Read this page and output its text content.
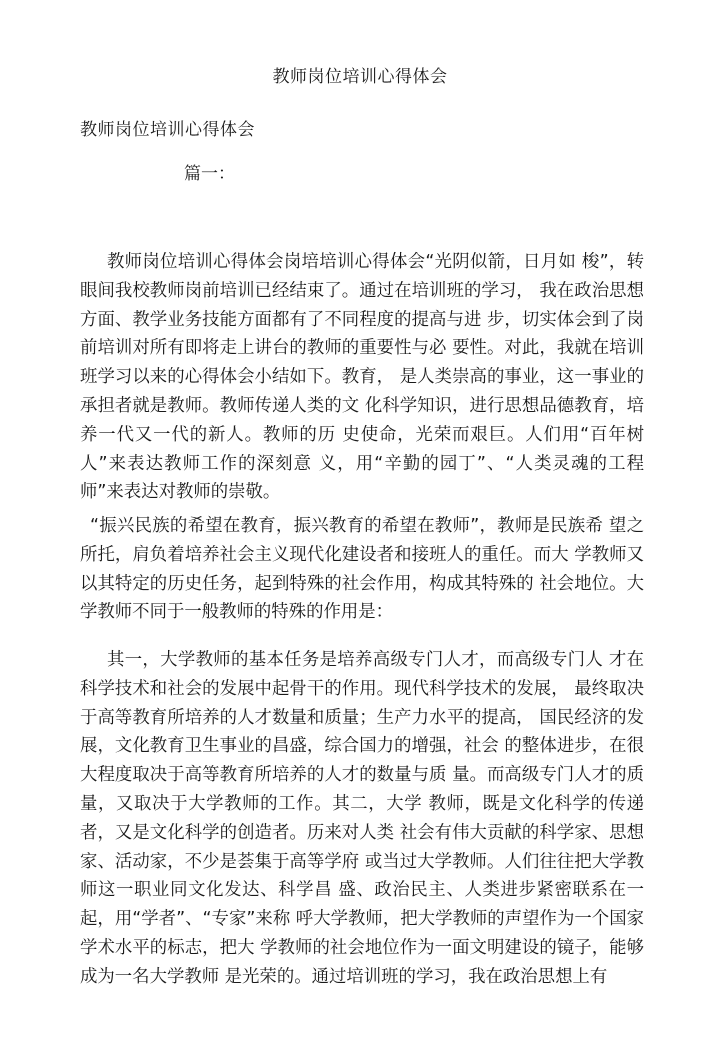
教师岗位培训心得体会
教师岗位培训心得体会
篇一：

教师岗位培训心得体会岗培培训心得体会“光阴似箭，日月如 梭”，转眼间我校教师岗前培训已经结束了。通过在培训班的学习， 我在政治思想方面、教学业务技能方面都有了不同程度的提高与进 步，切实体会到了岗前培训对所有即将走上讲台的教师的重要性与必 要性。对此，我就在培训班学习以来的心得体会小结如下。教育， 是人类崇高的事业，这一事业的承担者就是教师。教师传递人类的文 化科学知识，进行思想品德教育，培养一代又一代的新人。教师的历 史使命，光荣而艰巨。人们用“百年树人”来表达教师工作的深刻意 义，用“辛勤的园丁”、“人类灵魂的工程师”来表达对教师的崇敬。

“振兴民族的希望在教育，振兴教育的希望在教师”，教师是民族希 望之所托，肩负着培养社会主义现代化建设者和接班人的重任。而大 学教师又以其特定的历史任务，起到特殊的社会作用，构成其特殊的 社会地位。大学教师不同于一般教师的特殊的作用是：

其一，大学教师的基本任务是培养高级专门人才，而高级专门人 才在科学技术和社会的发展中起骨干的作用。现代科学技术的发展， 最终取决于高等教育所培养的人才数量和质量；生产力水平的提高， 国民经济的发展，文化教育卫生事业的昌盛，综合国力的增强，社会 的整体进步，在很大程度取决于高等教育所培养的人才的数量与质 量。而高级专门人才的质量，又取决于大学教师的工作。其二，大学 教师，既是文化科学的传递者，又是文化科学的创造者。历来对人类 社会有伟大贡献的科学家、思想家、活动家，不少是荟集于高等学府 或当过大学教师。人们往往把大学教师这一职业同文化发达、科学昌 盛、政治民主、人类进步紧密联系在一起，用“学者”、“专家”来称 呼大学教师，把大学教师的声望作为一个国家学术水平的标志，把大 学教师的社会地位作为一面文明建设的镜子，能够成为一名大学教师 是光荣的。通过培训班的学习，我在政治思想上有
